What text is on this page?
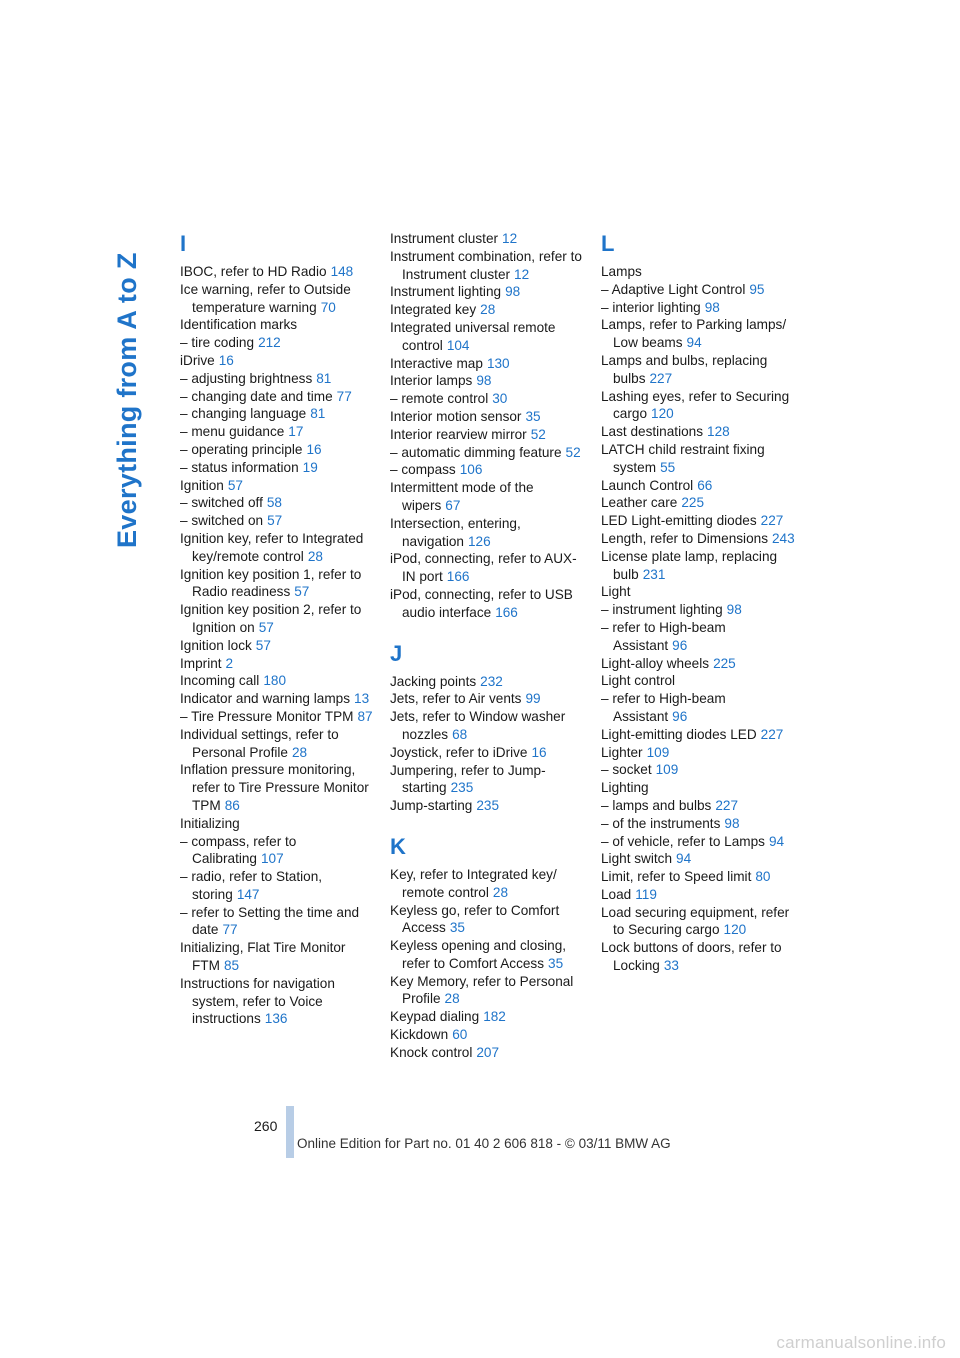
Everything from A to Z
I
IBOC, refer to HD Radio 148
Ice warning, refer to Outside temperature warning 70
Identification marks
– tire coding 212
iDrive 16
– adjusting brightness 81
– changing date and time 77
– changing language 81
– menu guidance 17
– operating principle 16
– status information 19
Ignition 57
– switched off 58
– switched on 57
Ignition key, refer to Integrated key/remote control 28
Ignition key position 1, refer to Radio readiness 57
Ignition key position 2, refer to Ignition on 57
Ignition lock 57
Imprint 2
Incoming call 180
Indicator and warning lamps 13
– Tire Pressure Monitor TPM 87
Individual settings, refer to Personal Profile 28
Inflation pressure monitoring, refer to Tire Pressure Monitor TPM 86
Initializing
– compass, refer to Calibrating 107
– radio, refer to Station, storing 147
– refer to Setting the time and date 77
Initializing, Flat Tire Monitor FTM 85
Instructions for navigation system, refer to Voice instructions 136
Instrument cluster 12
Instrument combination, refer to Instrument cluster 12
Instrument lighting 98
Integrated key 28
Integrated universal remote control 104
Interactive map 130
Interior lamps 98
– remote control 30
Interior motion sensor 35
Interior rearview mirror 52
– automatic dimming feature 52
– compass 106
Intermittent mode of the wipers 67
Intersection, entering, navigation 126
iPod, connecting, refer to AUX-IN port 166
iPod, connecting, refer to USB audio interface 166
J
Jacking points 232
Jets, refer to Air vents 99
Jets, refer to Window washer nozzles 68
Joystick, refer to iDrive 16
Jumpering, refer to Jump-starting 235
Jump-starting 235
K
Key, refer to Integrated key/ remote control 28
Keyless go, refer to Comfort Access 35
Keyless opening and closing, refer to Comfort Access 35
Key Memory, refer to Personal Profile 28
Keypad dialing 182
Kickdown 60
Knock control 207
L
Lamps
– Adaptive Light Control 95
– interior lighting 98
Lamps, refer to Parking lamps/ Low beams 94
Lamps and bulbs, replacing bulbs 227
Lashing eyes, refer to Securing cargo 120
Last destinations 128
LATCH child restraint fixing system 55
Launch Control 66
Leather care 225
LED Light-emitting diodes 227
Length, refer to Dimensions 243
License plate lamp, replacing bulb 231
Light
– instrument lighting 98
– refer to High-beam Assistant 96
Light-alloy wheels 225
Light control
– refer to High-beam Assistant 96
Light-emitting diodes LED 227
Lighter 109
– socket 109
Lighting
– lamps and bulbs 227
– of the instruments 98
– of vehicle, refer to Lamps 94
Light switch 94
Limit, refer to Speed limit 80
Load 119
Load securing equipment, refer to Securing cargo 120
Lock buttons of doors, refer to Locking 33
260
Online Edition for Part no. 01 40 2 606 818 - © 03/11 BMW AG
carmanualsonline.info
